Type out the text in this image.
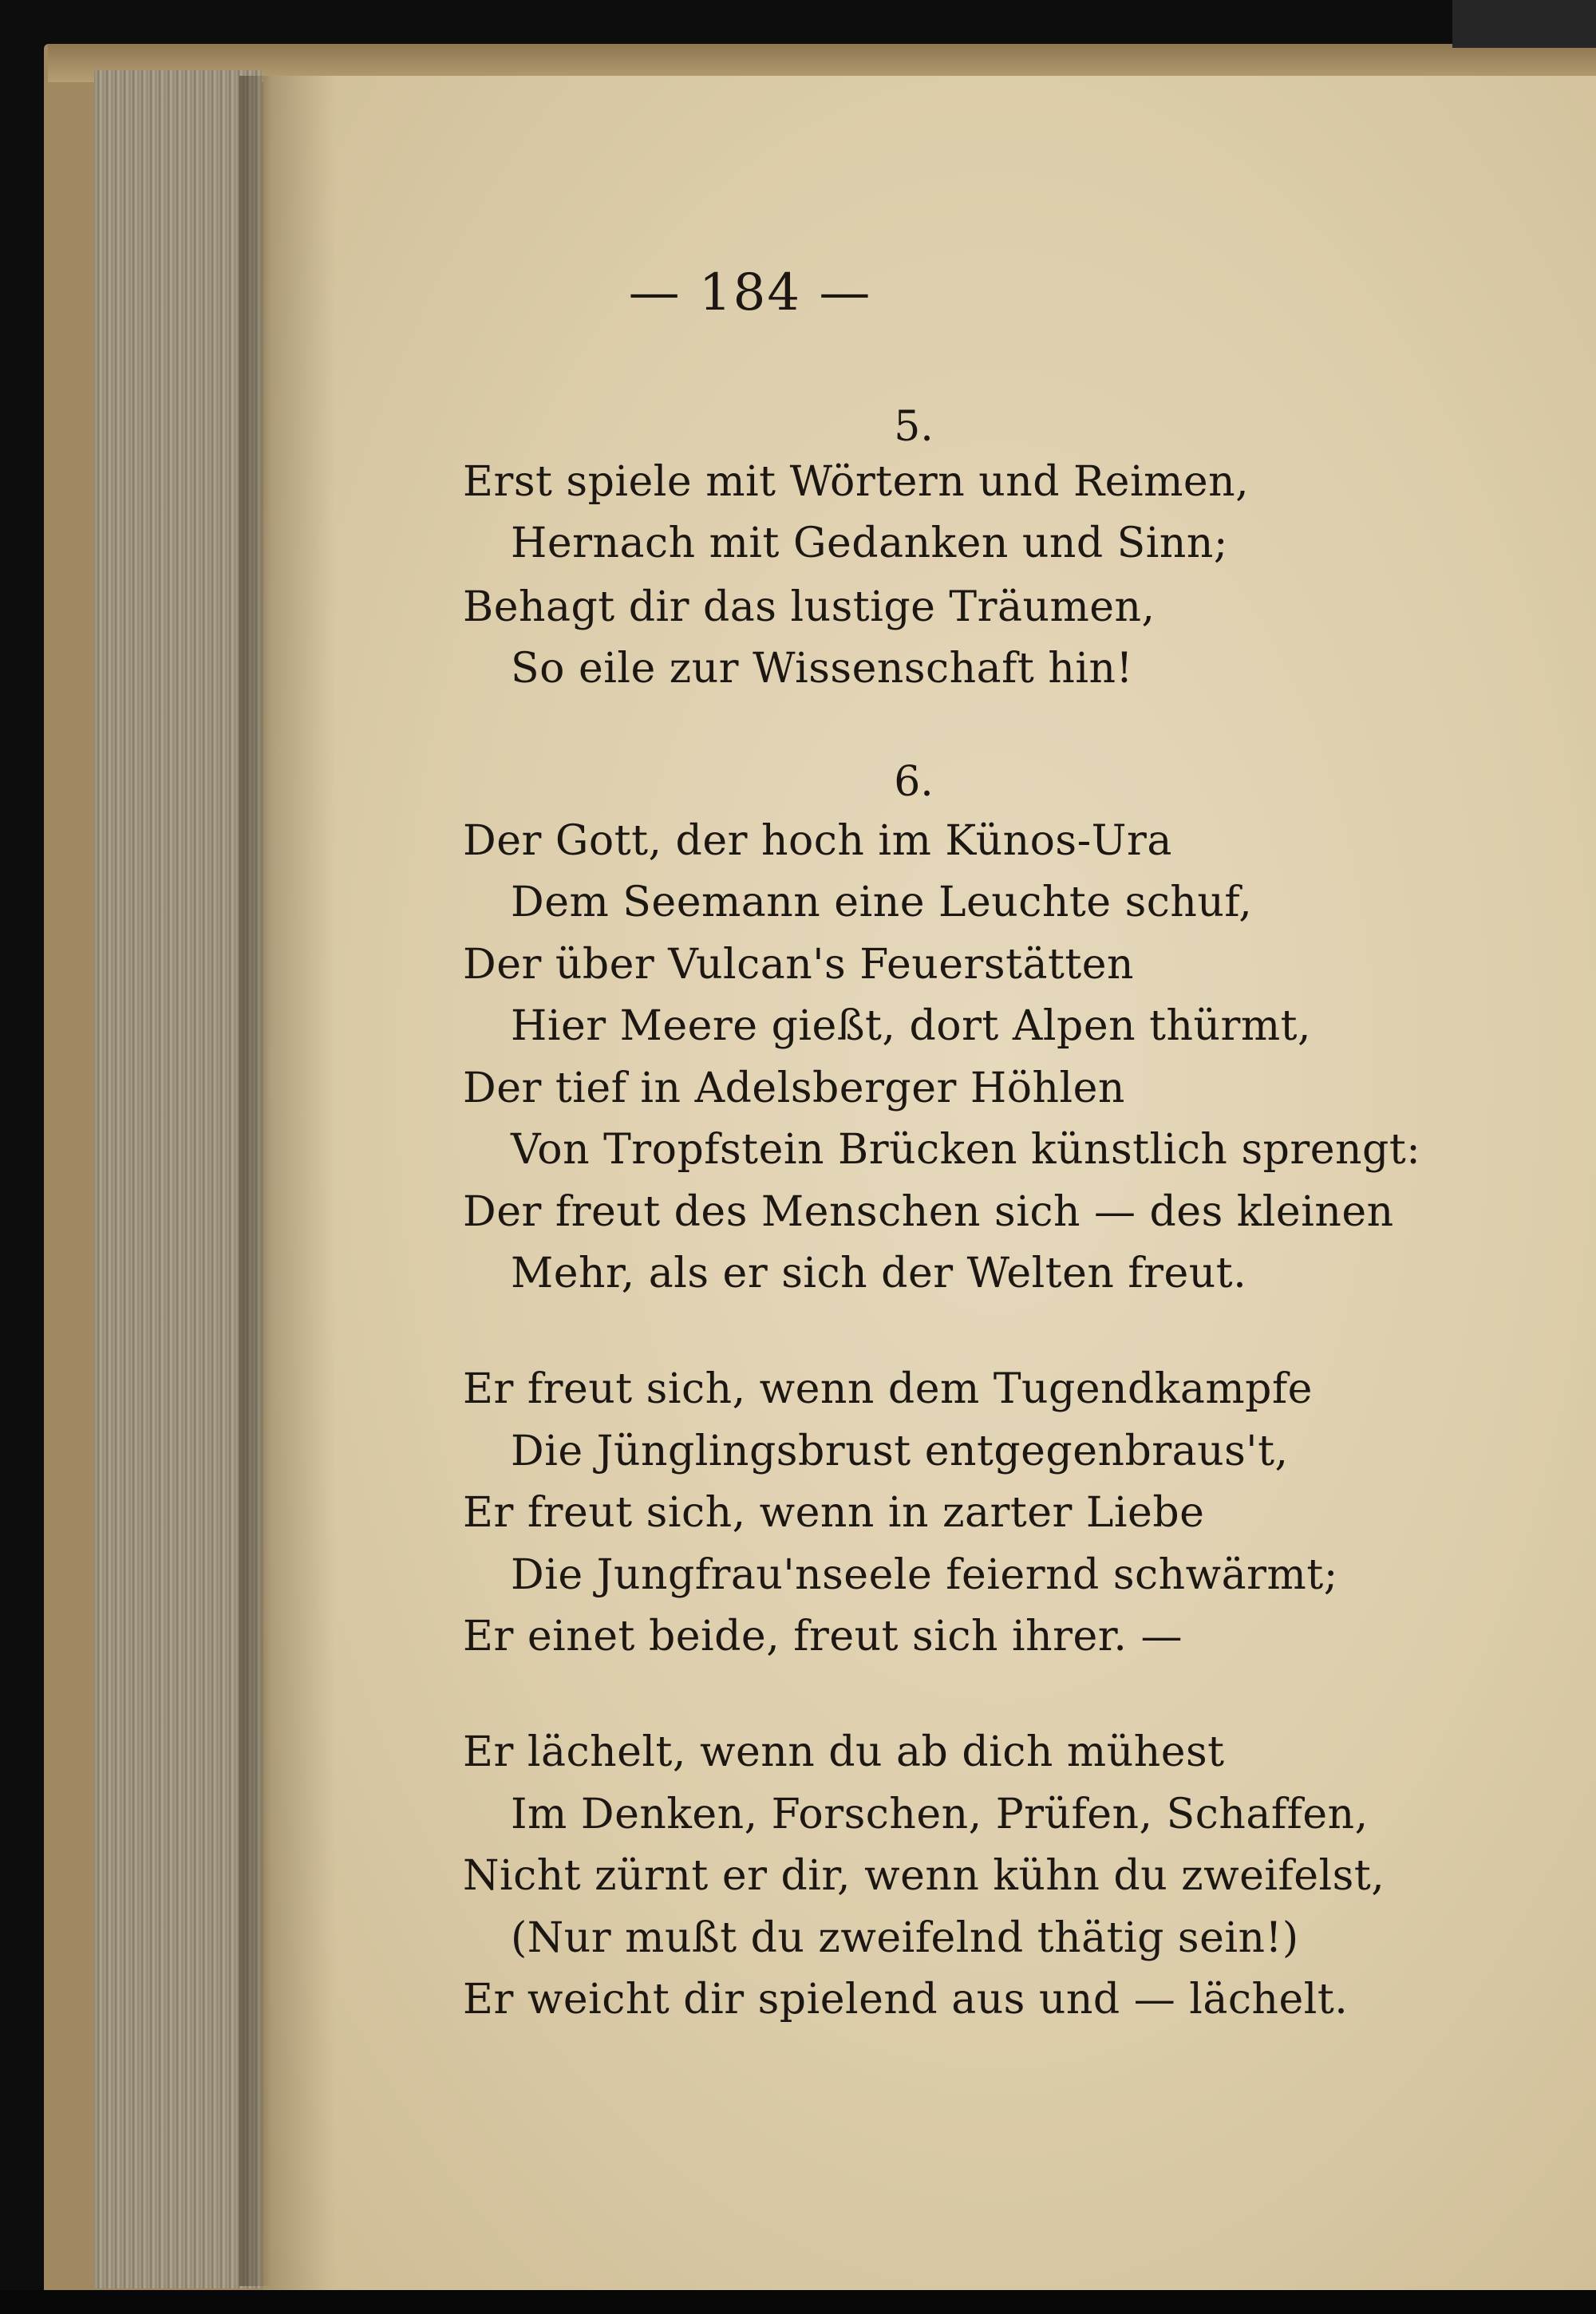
— 184 —
5.
Erst spiele mit Wörtern und Reimen,
Hernach mit Gedanken und Sinn;
Behagt dir das lustige Träumen,
So eile zur Wissenschaft hin!
6.
Der Gott, der hoch im Künos-Ura
Dem Seemann eine Leuchte schuf,
Der über Vulcan's Feuerstätten
Hier Meere gießt, dort Alpen thürmt,
Der tief in Adelsberger Höhlen
Von Tropfstein Brücken künstlich sprengt:
Der freut des Menschen sich — des kleinen
Mehr, als er sich der Welten freut.
Er freut sich, wenn dem Tugendkampfe
Die Jünglingsbrust entgegenbraus't,
Er freut sich, wenn in zarter Liebe
Die Jungfrau'nseele feiernd schwärmt;
Er einet beide, freut sich ihrer. —
Er lächelt, wenn du ab dich mühest
Im Denken, Forschen, Prüfen, Schaffen,
Nicht zürnt er dir, wenn kühn du zweifelst,
(Nur mußt du zweifelnd thätig sein!)
Er weicht dir spielend aus und — lächelt.
